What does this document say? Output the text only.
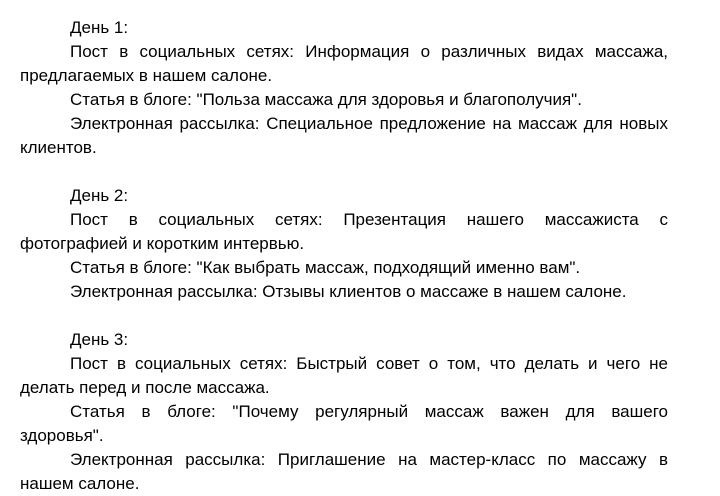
День 1:
Пост в социальных сетях: Информация о различных видах массажа,
предлагаемых в нашем салоне.
Статья в блоге: "Польза массажа для здоровья и благополучия".
Электронная рассылка: Специальное предложение на массаж для новых
клиентов.
День 2:
Пост в социальных сетях: Презентация нашего массажиста с
фотографией и коротким интервью.
Статья в блоге: "Как выбрать массаж, подходящий именно вам".
Электронная рассылка: Отзывы клиентов о массаже в нашем салоне.
День 3:
Пост в социальных сетях: Быстрый совет о том, что делать и чего не
делать перед и после массажа.
Статья в блоге: "Почему регулярный массаж важен для вашего
здоровья".
Электронная рассылка: Приглашение на мастер-класс по массажу в
нашем салоне.
